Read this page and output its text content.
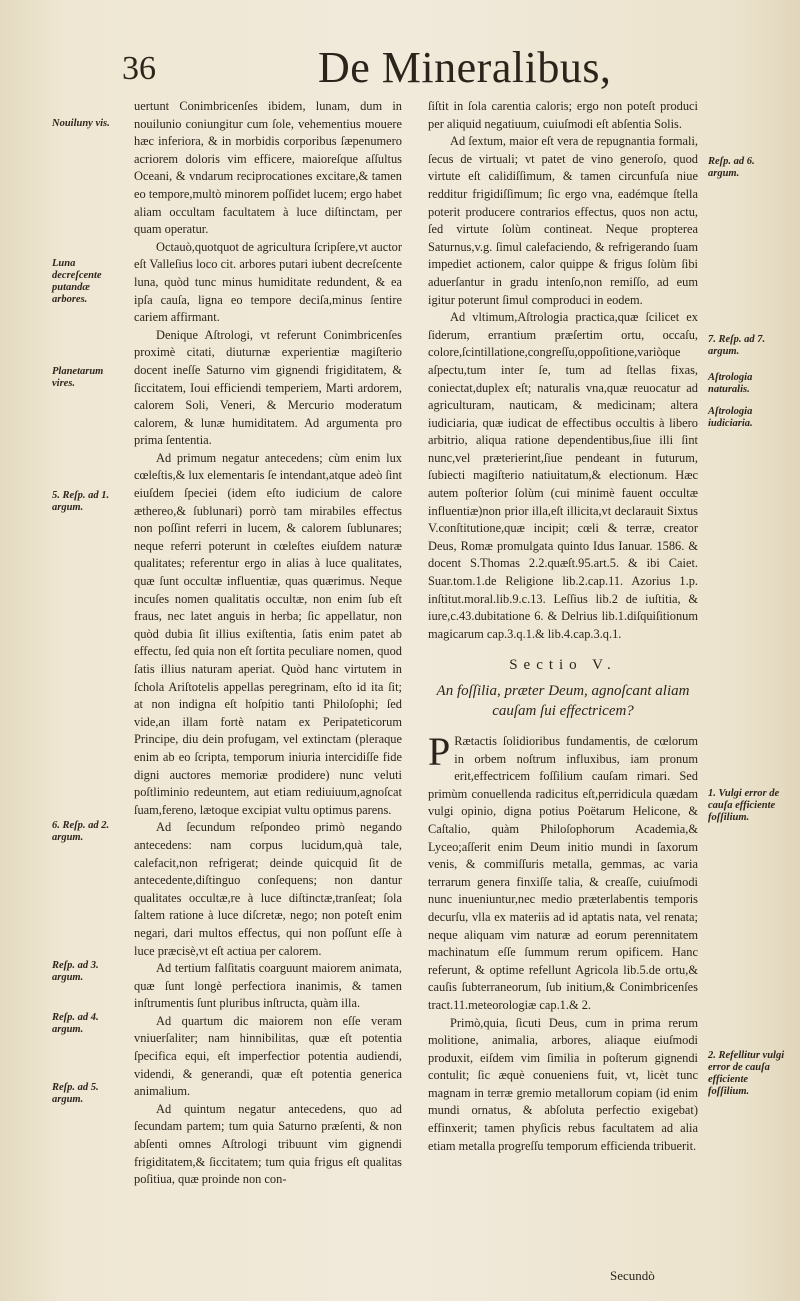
36	De Mineralibus,
Nouiluny vis.
Luna decreſcente putandæ arbores.
Planetarum vires.
5. Reſp. ad 1. argum.
6. Reſp. ad 2. argum.
Reſp. ad 3. argum.
Reſp. ad 4. argum.
Reſp. ad 5. argum.
Reſp. ad 6. argum.
7. Reſp. ad 7. argum.
Aſtrologia naturalis.
Aſtrologia iudiciaria.
1. Vulgi error de cauſa efficiente foſſilium.
2. Refellitur vulgi error de cauſa efficiente foſſilium.

uertunt Conimbricenſes ibidem, lunam, dum in nouilunio coniungitur cum ſole, vehementius mouere hæc inferiora, & in morbidis corporibus ſæpenumero acriorem doloris vim efficere, maioreſque aſſultus Oceani, & vndarum reciprocationes excitare,& tamen eo tempore,multò minorem poſſidet lucem; ergo habet aliam occultam facultatem à luce diſtinctam, per quam operatur.

Octauò,quotquot de agricultura ſcripſere,vt auctor eſt Valleſius loco cit. arbores putari iubent decreſcente luna, quòd tunc minus humiditate redundent, & ea ipſa cauſa, ligna eo tempore deciſa,minus ſentire cariem affirmant.

Denique Aſtrologi, vt referunt Conimbricenſes proximè citati, diuturnæ experientiæ magiſterio docent ineſſe Saturno vim gignendi frigiditatem, & ſiccitatem, Ioui efficiendi temperiem, Marti ardorem, calorem Soli, Veneri, & Mercurio moderatum calorem, & lunæ humiditatem. Ad argumenta pro prima ſententia.

Ad primum negatur antecedens; cùm enim lux cœleſtis,& lux elementaris ſe intendant,atque adeò ſint eiuſdem ſpeciei (idem eſto iudicium de calore æthereo,& ſublunari) porrò tam mirabiles effectus non poſſint referri in lucem, & calorem ſublunares; neque referri poterunt in cœleſtes eiuſdem naturæ qualitates; referentur ergo in alias à luce qualitates, quæ ſunt occultæ influentiæ, quas quærimus. Neque incuſes nomen qualitatis occultæ, non enim ſub eſt fraus, nec latet anguis in herba; ſic appellatur, non quòd dubia ſit illius exiſtentia, ſatis enim patet ab effectu, ſed quia non eſt ſortita peculiare nomen, quod ſatis illius naturam aperiat. Quòd hanc virtutem in ſchola Ariſtotelis appellas peregrinam, eſto id ita ſit; at non indigna eſt hoſpitio tanti Philoſophi; ſed vide,an illam fortè natam ex Peripateticorum Principe, diu dein profugam, vel extinctam (pleraque enim ab eo ſcripta, temporum iniuria intercidiſſe fide digni auctores memoriæ prodidere) nunc veluti poſtliminio redeuntem, aut etiam rediuiuum,agnoſcat ſuam,fereno, lætoque excipiat vultu optimus parens.

Ad ſecundum reſpondeo primò negando antecedens: nam corpus lucidum,quà tale, calefacit,non refrigerat; deinde quicquid ſit de antecedente,diſtinguo conſequens; non dantur qualitates occultæ,re à luce diſtinctæ,tranſeat; ſola ſaltem ratione à luce diſcretæ, nego; non poteſt enim negari, dari multos effectus, qui non poſſunt eſſe à luce præcisè,vt eſt actiua per calorem.

Ad tertium falſitatis coarguunt maiorem animata, quæ ſunt longè perfectiora inanimis, & tamen inſtrumentis ſunt pluribus inſtructa, quàm illa.

Ad quartum dic maiorem non eſſe veram vniuerſaliter; nam hinnibilitas, quæ eſt potentia ſpecifica equi, eſt imperfectior potentia audiendi, videndi, & generandi, quæ eſt potentia generica animalium.

Ad quintum negatur antecedens, quo ad ſecundam partem; tum quia Saturno præſenti, & non abſenti omnes Aſtrologi tribuunt vim gignendi frigiditatem,& ſiccitatem; tum quia frigus eſt qualitas poſitiua, quæ proinde non con-

ſiſtit in ſola carentia caloris; ergo non poteſt produci per aliquid negatiuum, cuiuſmodi eſt abſentia Solis.

Ad ſextum, maior eſt vera de repugnantia formali, ſecus de virtuali; vt patet de vino generoſo, quod virtute eſt calidiſſimum, & tamen circunfuſa niue redditur frigidiſſimum; ſic ergo vna, eadémque ſtella poterit producere contrarios effectus, quos non actu, ſed virtute ſolùm contineat. Neque propterea Saturnus,v.g. ſimul calefaciendo, & refrigerando ſuam impediet actionem, calor quippe & frigus ſolùm ſibi aduerſantur in gradu intenſo,non remiſſo, ad eum igitur poterunt ſimul comproduci in eodem.

Ad vltimum,Aſtrologia practica,quæ ſcilicet ex ſiderum, errantium præſertim ortu, occaſu, colore,ſcintillatione,congreſſu,oppoſitione,variòque aſpectu,tum inter ſe, tum ad ſtellas fixas, coniectat,duplex eſt; naturalis vna,quæ reuocatur ad agriculturam, nauticam, & medicinam; altera iudiciaria, quæ iudicat de effectibus occultis à libero arbitrio, aliqua ratione dependentibus,ſiue illi ſint nunc,vel præterierint,ſiue pendeant in futurum, ſubiecti magiſterio natiuitatum,& electionum. Hæc autem poſterior ſolùm (cui minimè fauent occultæ influentiæ)non prior illa,eſt illicita,vt declarauit Sixtus V.conſtitutione,quæ incipit; cœli & terræ, creator Deus, Romæ promulgata quinto Idus Ianuar. 1586. & docent S.Thomas 2.2.quæſt.95.art.5. & ibi Caiet. Suar.tom.1.de Religione lib.2.cap.11. Azorius 1.p. inſtitut.moral.lib.9.c.13. Leſſius lib.2 de iuſtitia, & iure,c.43.dubitatione 6. & Delrius lib.1.diſquiſitionum magicarum cap.3.q.1.& lib.4.cap.3.q.1.

Sectio V.
An foſſilia, præter Deum, agnoſcant aliam cauſam ſui effectricem?

P Rætactis ſolidioribus fundamentis, de cœlorum in orbem noſtrum influxibus, iam pronum erit,effectricem foſſilium cauſam rimari. Sed primùm conuellenda radicitus eſt,perridicula quædam vulgi opinio, digna potius Poëtarum Helicone, & Caſtalio, quàm Philoſophorum Academia,& Lyceo;aſſerit enim Deum initio mundi in ſaxorum venis, & commiſſuris metalla, gemmas, ac varia terrarum genera finxiſſe talia, & creaſſe, cuiuſmodi nunc inueniuntur,nec medio præterlabentis temporis decurſu, vlla ex materiis ad id aptatis nata, vel renata; neque aliquam vim naturæ ad eorum perennitatem machinatum eſſe ſummum rerum opificem. Hanc referunt, & optime refellunt Agricola lib.5.de ortu,& cauſis ſubterraneorum, ſub initium,& Conimbricenſes tract.11.meteorologiæ cap.1.& 2.

Primò,quia, ſicuti Deus, cum in prima rerum molitione, animalia, arbores, aliaque eiuſmodi produxit, eiſdem vim ſimilia in poſterum gignendi contulit; ſic æquè conueniens fuit, vt, licèt tunc magnam in terræ gremio metallorum copiam (id enim mundi ornatus, & abſoluta perfectio exigebat) effinxerit; tamen phyſicis rebus facultatem ad alia etiam metalla progreſſu temporum efficienda tribuerit.

Secundò
